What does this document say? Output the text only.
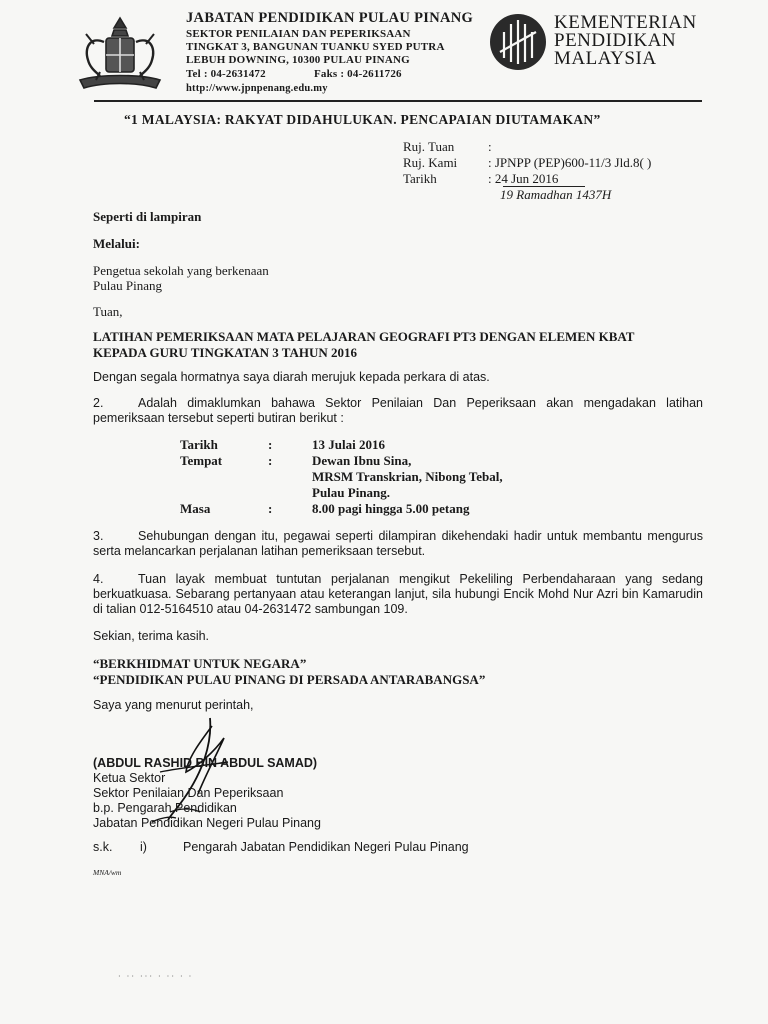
JABATAN PENDIDIKAN PULAU PINANG
SEKTOR PENILAIAN DAN PEPERIKSAAN
TINGKAT 3, BANGUNAN TUANKU SYED PUTRA
LEBUH DOWNING, 10300 PULAU PINANG
Tel : 04-2631472	Faks : 04-2611726
http://www.jpnpenang.edu.my
KEMENTERIAN
PENDIDIKAN
MALAYSIA
“1 MALAYSIA: RAKYAT DIDAHULUKAN. PENCAPAIAN DIUTAMAKAN”
Ruj. Tuan	:
Ruj. Kami : JPNPP (PEP)600-11/3 Jld.8( )
Tarikh	: 24 Jun 2016
19 Ramadhan 1437H
Seperti di lampiran
Melalui:
Pengetua sekolah yang berkenaan
Pulau Pinang
Tuan,
LATIHAN PEMERIKSAAN MATA PELAJARAN GEOGRAFI PT3 DENGAN ELEMEN KBAT
KEPADA GURU TINGKATAN 3 TAHUN 2016
Dengan segala hormatnya saya diarah merujuk kepada perkara di atas.
2.	Adalah dimaklumkan bahawa Sektor Penilaian Dan Peperiksaan akan mengadakan latihan pemeriksaan tersebut seperti butiran berikut :
Tarikh	:	13 Julai 2016
Tempat	:	Dewan Ibnu Sina,
		MRSM Transkrian, Nibong Tebal,
		Pulau Pinang.
Masa	:	8.00 pagi hingga 5.00 petang
3.	Sehubungan dengan itu, pegawai seperti dilampiran dikehendaki hadir untuk membantu mengurus serta melancarkan perjalanan latihan pemeriksaan tersebut.
4.	Tuan layak membuat tuntutan perjalanan mengikut Pekeliling Perbendaharaan yang sedang berkuatkuasa. Sebarang pertanyaan atau keterangan lanjut, sila hubungi Encik Mohd Nur Azri bin Kamarudin di talian 012-5164510 atau 04-2631472 sambungan 109.
Sekian, terima kasih.
“BERKHIDMAT UNTUK NEGARA”
“PENDIDIKAN PULAU PINANG DI PERSADA ANTARABANGSA”
Saya yang menurut perintah,
(ABDUL RASHID BIN ABDUL SAMAD)
Ketua Sektor
Sektor Penilaian Dan Peperiksaan
b.p. Pengarah Pendidikan
Jabatan Pendidikan Negeri Pulau Pinang
s.k. i)	Pengarah Jabatan Pendidikan Negeri Pulau Pinang
MNA/wm
· ·· ··· · ·· · ·
